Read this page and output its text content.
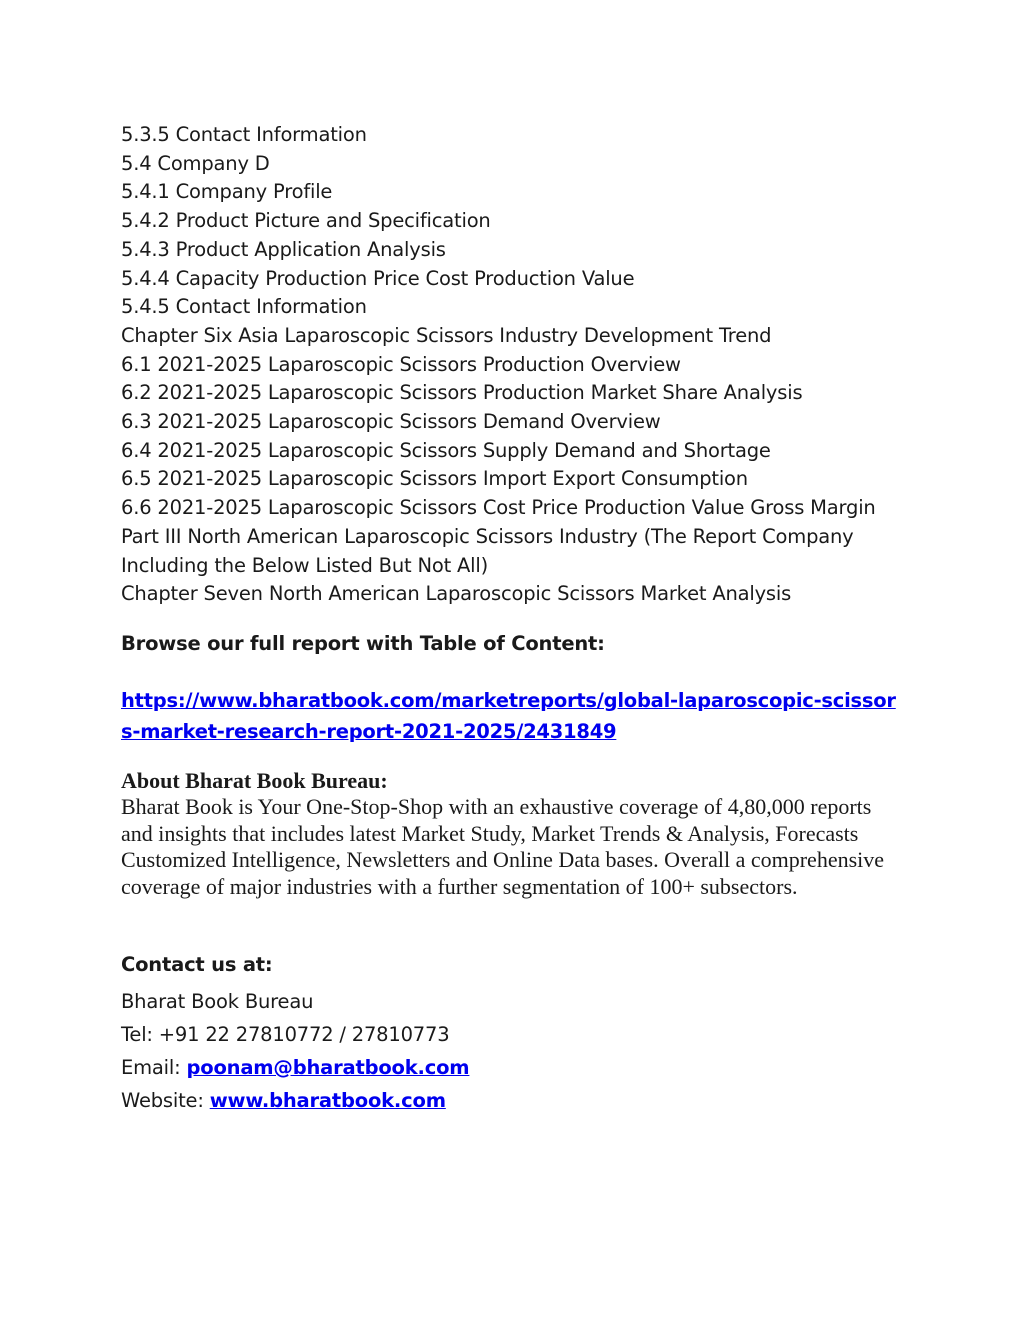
5.3.5 Contact Information
5.4 Company D
5.4.1 Company Profile
5.4.2 Product Picture and Specification
5.4.3 Product Application Analysis
5.4.4 Capacity Production Price Cost Production Value
5.4.5 Contact Information
Chapter Six Asia Laparoscopic Scissors Industry Development Trend
6.1 2021-2025 Laparoscopic Scissors Production Overview
6.2 2021-2025 Laparoscopic Scissors Production Market Share Analysis
6.3 2021-2025 Laparoscopic Scissors Demand Overview
6.4 2021-2025 Laparoscopic Scissors Supply Demand and Shortage
6.5 2021-2025 Laparoscopic Scissors Import Export Consumption
6.6 2021-2025 Laparoscopic Scissors Cost Price Production Value Gross Margin
Part III North American Laparoscopic Scissors Industry (The Report Company Including the Below Listed But Not All)
Chapter Seven North American Laparoscopic Scissors Market Analysis

Browse our full report with Table of Content:

https://www.bharatbook.com/marketreports/global-laparoscopic-scissors-market-research-report-2021-2025/2431849
About Bharat Book Bureau:

Bharat Book is Your One-Stop-Shop with an exhaustive coverage of 4,80,000 reports and insights that includes latest Market Study, Market Trends & Analysis, Forecasts Customized Intelligence, Newsletters and Online Data bases. Overall a comprehensive coverage of major industries with a further segmentation of 100+ subsectors.

Contact us at:

Bharat Book Bureau
Tel: +91 22 27810772 / 27810773
Email: poonam@bharatbook.com
Website: www.bharatbook.com
